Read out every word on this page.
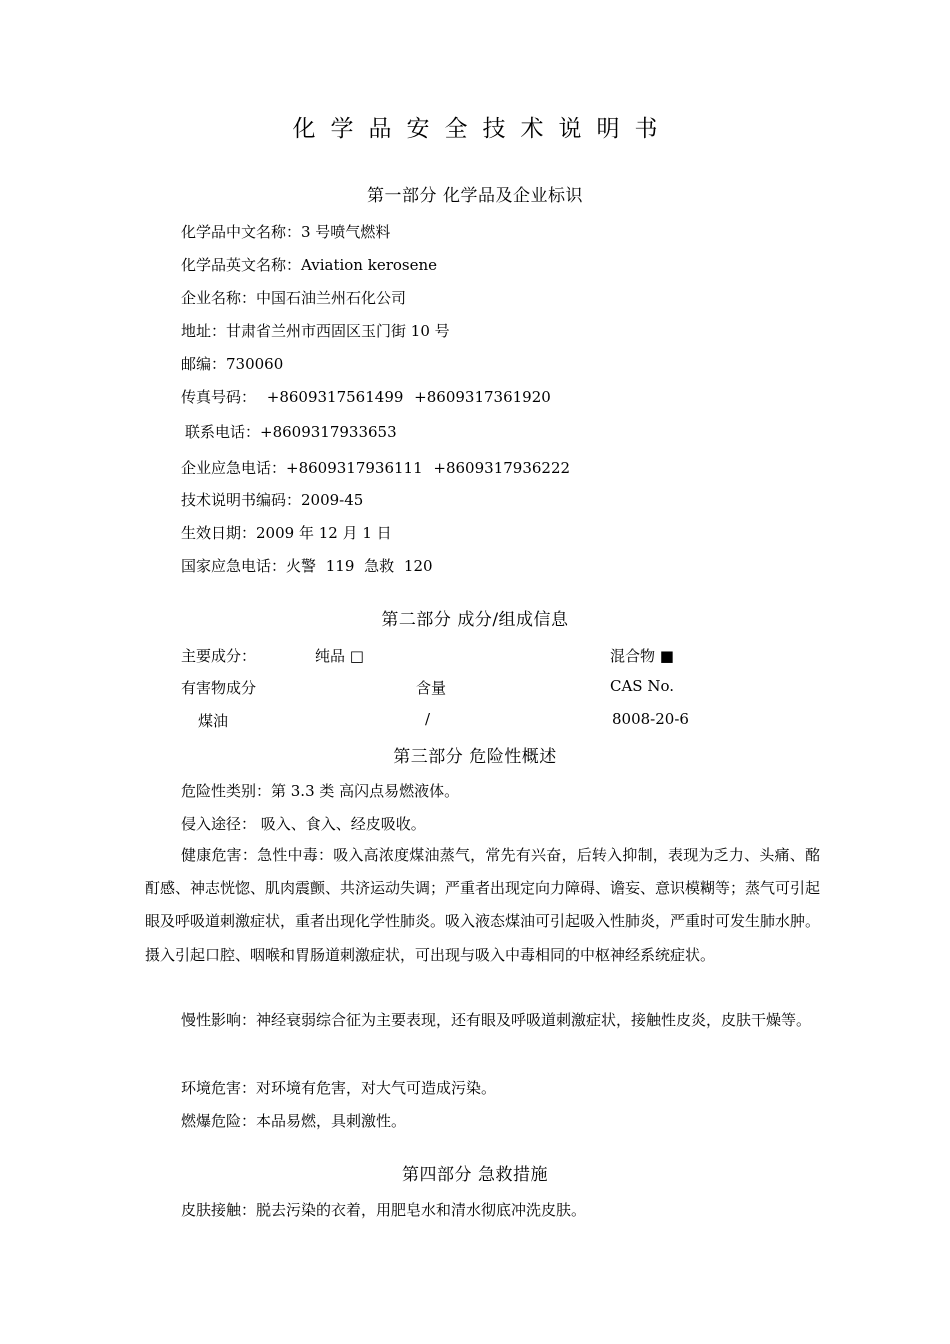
化学品安全技术说明书
第一部分 化学品及企业标识
化学品中文名称：3 号喷气燃料
化学品英文名称：Aviation kerosene
企业名称：中国石油兰州石化公司
地址：甘肃省兰州市西固区玉门街 10 号
邮编：730060
传真号码： +8609317561499 +8609317361920
联系电话：+8609317933653
企业应急电话：+8609317936111 +8609317936222
技术说明书编码：2009-45
生效日期：2009 年 12 月 1 日
国家应急电话：火警 119 急救 120
第二部分 成分/组成信息
主要成分：	纯品 □	混合物 ■
有害物成分	含量	CAS No.
煤油	/	8008-20-6
第三部分 危险性概述
危险性类别：第 3.3 类 高闪点易燃液体。
侵入途径： 吸入、食入、经皮吸收。
健康危害：急性中毒：吸入高浓度煤油蒸气，常先有兴奋，后转入抑制，表现为乏力、头痛、酩酊感、神志恍惚、肌肉震颤、共济运动失调；严重者出现定向力障碍、谵妄、意识模糊等；蒸气可引起眼及呼吸道刺激症状，重者出现化学性肺炎。吸入液态煤油可引起吸入性肺炎，严重时可发生肺水肿。摄入引起口腔、咽喉和胃肠道刺激症状，可出现与吸入中毒相同的中枢神经系统症状。
慢性影响：神经衰弱综合征为主要表现，还有眼及呼吸道刺激症状，接触性皮炎，皮肤干燥等。
环境危害：对环境有危害，对大气可造成污染。
燃爆危险：本品易燃，具刺激性。
第四部分 急救措施
皮肤接触：脱去污染的衣着，用肥皂水和清水彻底冲洗皮肤。
